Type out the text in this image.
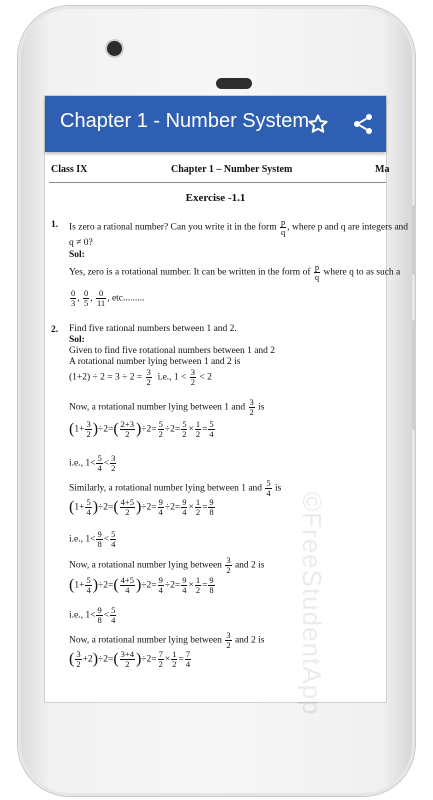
Chapter 1 - Number System
©FreeStudentApp
Class IX	Chapter 1 – Number System	Ma
Exercise -1.1
1. Is zero a rational number? Can you write it in the form $\frac{p}{q}$ , where p and q are integers and
q ≠ 0?
Sol:
Yes, zero is a rotational number. It can be written in the form of $\frac{p}{q}$ where q to as such a
$\frac{0}{3}$ , $\frac{0}{5}$ , $\frac{0}{11}$ , etc.........
2. Find five rational numbers between 1 and 2.
Sol:
Given to find five rotational numbers between 1 and 2
A rotational number lying between 1 and 2 is
$(1+2) \div 2 = 3 \div 2 = \frac{3}{2} i.e$., $1 < \frac{3}{2} < 2$
Now, a rotational number lying between 1 and $\frac{3}{2}$ is
$(1+ \frac{3}{2} )\div 2=( \frac{2+3}{2} )\div 2= \frac{5}{2} \div 2= \frac{5}{2} \times \frac{1}{2} = \frac{5}{4}$
i.e., $1< \frac{5}{4} < \frac{3}{2}$
Similarly, a rotational number lying between 1 and $\frac{5}{4}$ is
$(1+ \frac{5}{4} )\div 2=( \frac{4+5}{2} )\div 2= \frac{9}{4} \div 2= \frac{9}{4} \times \frac{1}{2} = \frac{9}{8}$
i.e., $1< \frac{9}{8} < \frac{5}{4}$
Now, a rotational number lying between $\frac{3}{2}$ and 2 is
$(1+ \frac{5}{4} )\div 2=( \frac{4+5}{4} )\div 2= \frac{9}{4} \div 2= \frac{9}{4} \times \frac{1}{2} = \frac{9}{8}$
i.e., $1< \frac{9}{8} < \frac{5}{4}$
Now, a rotational number lying between $\frac{3}{2}$ and 2 is
( $\frac{3}{2} +2)\div 2=( \frac{3+4}{2} )\div 2= \frac{7}{2} \times \frac{1}{2} = \frac{7}{4}$
